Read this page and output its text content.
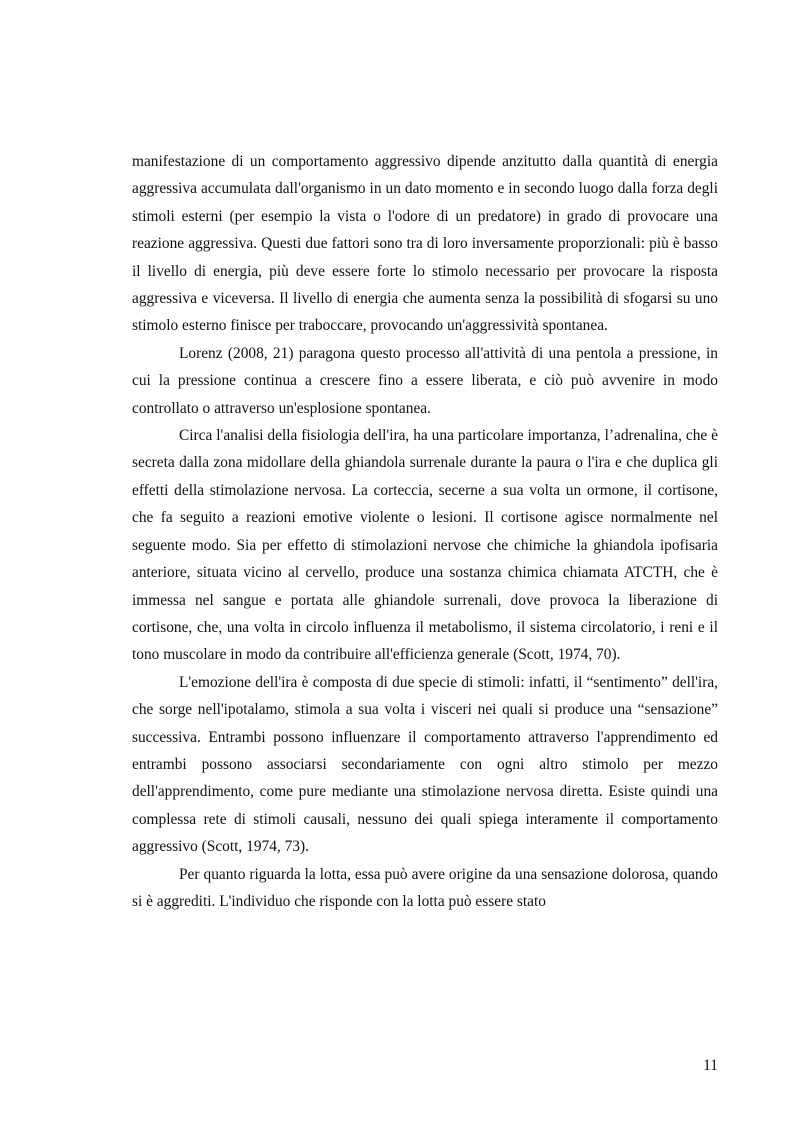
manifestazione di un comportamento aggressivo dipende anzitutto dalla quantità di energia aggressiva accumulata dall'organismo in un dato momento e in secondo luogo dalla forza degli stimoli esterni (per esempio la vista o l'odore di un predatore) in grado di provocare una reazione aggressiva. Questi due fattori sono tra di loro inversamente proporzionali: più è basso il livello di energia, più deve essere forte lo stimolo necessario per provocare la risposta aggressiva e viceversa. Il livello di energia che aumenta senza la possibilità di sfogarsi su uno stimolo esterno finisce per traboccare, provocando un'aggressività spontanea.

Lorenz (2008, 21) paragona questo processo all'attività di una pentola a pressione, in cui la pressione continua a crescere fino a essere liberata, e ciò può avvenire in modo controllato o attraverso un'esplosione spontanea.

Circa l'analisi della fisiologia dell'ira, ha una particolare importanza, l’adrenalina, che è secreta dalla zona midollare della ghiandola surrenale durante la paura o l'ira e che duplica gli effetti della stimolazione nervosa. La corteccia, secerne a sua volta un ormone, il cortisone, che fa seguito a reazioni emotive violente o lesioni. Il cortisone agisce normalmente nel seguente modo. Sia per effetto di stimolazioni nervose che chimiche la ghiandola ipofisaria anteriore, situata vicino al cervello, produce una sostanza chimica chiamata ATCTH, che è immessa nel sangue e portata alle ghiandole surrenali, dove provoca la liberazione di cortisone, che, una volta in circolo influenza il metabolismo, il sistema circolatorio, i reni e il tono muscolare in modo da contribuire all'efficienza generale (Scott, 1974, 70).

L'emozione dell'ira è composta di due specie di stimoli: infatti, il “sentimento” dell'ira, che sorge nell'ipotalamo, stimola a sua volta i visceri nei quali si produce una “sensazione” successiva. Entrambi possono influenzare il comportamento attraverso l'apprendimento ed entrambi possono associarsi secondariamente con ogni altro stimolo per mezzo dell'apprendimento, come pure mediante una stimolazione nervosa diretta. Esiste quindi una complessa rete di stimoli causali, nessuno dei quali spiega interamente il comportamento aggressivo (Scott, 1974, 73).

Per quanto riguarda la lotta, essa può avere origine da una sensazione dolorosa, quando si è aggrediti. L'individuo che risponde con la lotta può essere stato

11
